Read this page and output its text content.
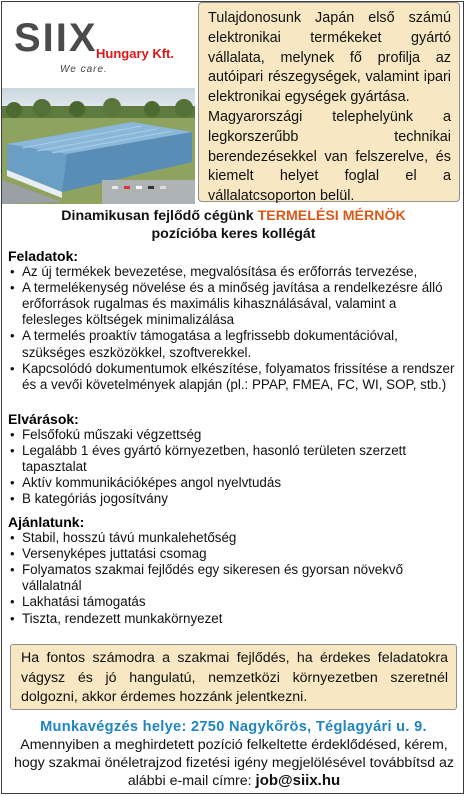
SIIX
Hungary Kft.
We care.
Tulajdonosunk Japán első számú elektronikai termékeket gyártó vállalata, melynek fő profilja az autóipari részegységek, valamint ipari elektronikai egységek gyártása.
Magyarországi telephelyünk a legkorszerűbb technikai berendezésekkel van felszerelve, és kiemelt helyet foglal el a vállalatcsoporton belül.
Dinamikusan fejlődő cégünk TERMELÉSI MÉRNÖK
pozícióba keres kollégát
Feladatok:
• Az új termékek bevezetése, megvalósítása és erőforrás tervezése,
• A termelékenység növelése és a minőség javítása a rendelkezésre álló erőforrások rugalmas és maximális kihasználásával, valamint a felesleges költségek minimalizálása
• A termelés proaktív támogatása a legfrissebb dokumentációval, szükséges eszközökkel, szoftverekkel.
• Kapcsolódó dokumentumok elkészítése, folyamatos frissítése a rendszer és a vevői követelmények alapján (pl.: PPAP, FMEA, FC, WI, SOP, stb.)
Elvárások:
• Felsőfokú műszaki végzettség
• Legalább 1 éves gyártó környezetben, hasonló területen szerzett tapasztalat
• Aktív kommunikációképes angol nyelvtudás
• B kategóriás jogosítvány
Ajánlatunk:
• Stabil, hosszú távú munkalehetőség
• Versenyképes juttatási csomag
• Folyamatos szakmai fejlődés egy sikeresen és gyorsan növekvő vállalatnál
• Lakhatási támogatás
• Tiszta, rendezett munkakörnyezet
Ha fontos számodra a szakmai fejlődés, ha érdekes feladatokra vágysz és jó hangulatú, nemzetközi környezetben szeretnél dolgozni, akkor érdemes hozzánk jelentkezni.
Munkavégzés helye: 2750 Nagykőrös, Téglagyári u. 9.
Amennyiben a meghirdetett pozíció felkeltette érdeklődésed, kérem, hogy szakmai önéletrajzod fizetési igény megjelölésével továbbítsd az alábbi e-mail címre: job@siix.hu
